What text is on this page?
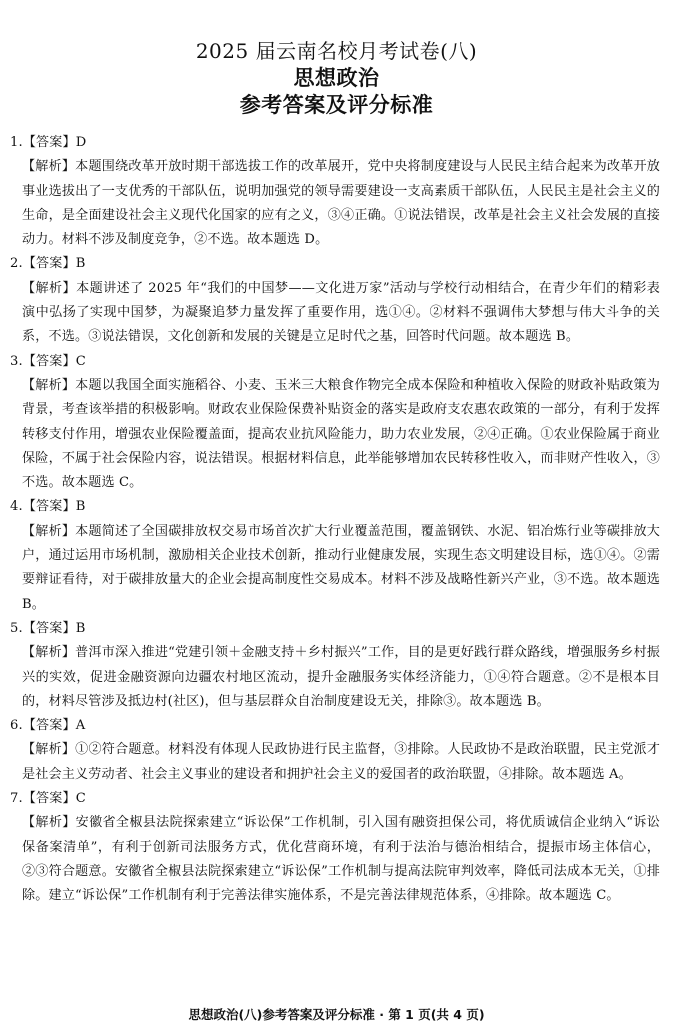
2025 届云南名校月考试卷(八)
思想政治
参考答案及评分标准

1.【答案】D

【解析】本题围绕改革开放时期干部选拔工作的改革展开，党中央将制度建设与人民民主结合起来为改革开放事业选拔出了一支优秀的干部队伍，说明加强党的领导需要建设一支高素质干部队伍，人民民主是社会主义的生命，是全面建设社会主义现代化国家的应有之义，③④正确。①说法错误，改革是社会主义社会发展的直接动力。材料不涉及制度竞争，②不选。故本题选 D。

2.【答案】B

【解析】本题讲述了 2025 年“我们的中国梦——文化进万家”活动与学校行动相结合，在青少年们的精彩表演中弘扬了实现中国梦，为凝聚追梦力量发挥了重要作用，选①④。②材料不强调伟大梦想与伟大斗争的关系，不选。③说法错误，文化创新和发展的关键是立足时代之基，回答时代问题。故本题选 B。

3.【答案】C

【解析】本题以我国全面实施稻谷、小麦、玉米三大粮食作物完全成本保险和种植收入保险的财政补贴政策为背景，考查该举措的积极影响。财政农业保险保费补贴资金的落实是政府支农惠农政策的一部分，有利于发挥转移支付作用，增强农业保险覆盖面，提高农业抗风险能力，助力农业发展，②④正确。①农业保险属于商业保险，不属于社会保险内容，说法错误。根据材料信息，此举能够增加农民转移性收入，而非财产性收入，③不选。故本题选 C。

4.【答案】B

【解析】本题简述了全国碳排放权交易市场首次扩大行业覆盖范围，覆盖钢铁、水泥、铝冶炼行业等碳排放大户，通过运用市场机制，激励相关企业技术创新，推动行业健康发展，实现生态文明建设目标，选①④。②需要辩证看待，对于碳排放量大的企业会提高制度性交易成本。材料不涉及战略性新兴产业，③不选。故本题选 B。

5.【答案】B

【解析】普洱市深入推进“党建引领＋金融支持＋乡村振兴”工作，目的是更好践行群众路线，增强服务乡村振兴的实效，促进金融资源向边疆农村地区流动，提升金融服务实体经济能力，①④符合题意。②不是根本目的，材料尽管涉及抵边村(社区)，但与基层群众自治制度建设无关，排除③。故本题选 B。

6.【答案】A

【解析】①②符合题意。材料没有体现人民政协进行民主监督，③排除。人民政协不是政治联盟，民主党派才是社会主义劳动者、社会主义事业的建设者和拥护社会主义的爱国者的政治联盟，④排除。故本题选 A。

7.【答案】C

【解析】安徽省全椒县法院探索建立“诉讼保”工作机制，引入国有融资担保公司，将优质诚信企业纳入“诉讼保备案清单”，有利于创新司法服务方式，优化营商环境，有利于法治与德治相结合，提振市场主体信心，②③符合题意。安徽省全椒县法院探索建立“诉讼保”工作机制与提高法院审判效率，降低司法成本无关，①排除。建立“诉讼保”工作机制有利于完善法律实施体系，不是完善法律规范体系，④排除。故本题选 C。

思想政治(八)参考答案及评分标准 · 第 1 页(共 4 页)
